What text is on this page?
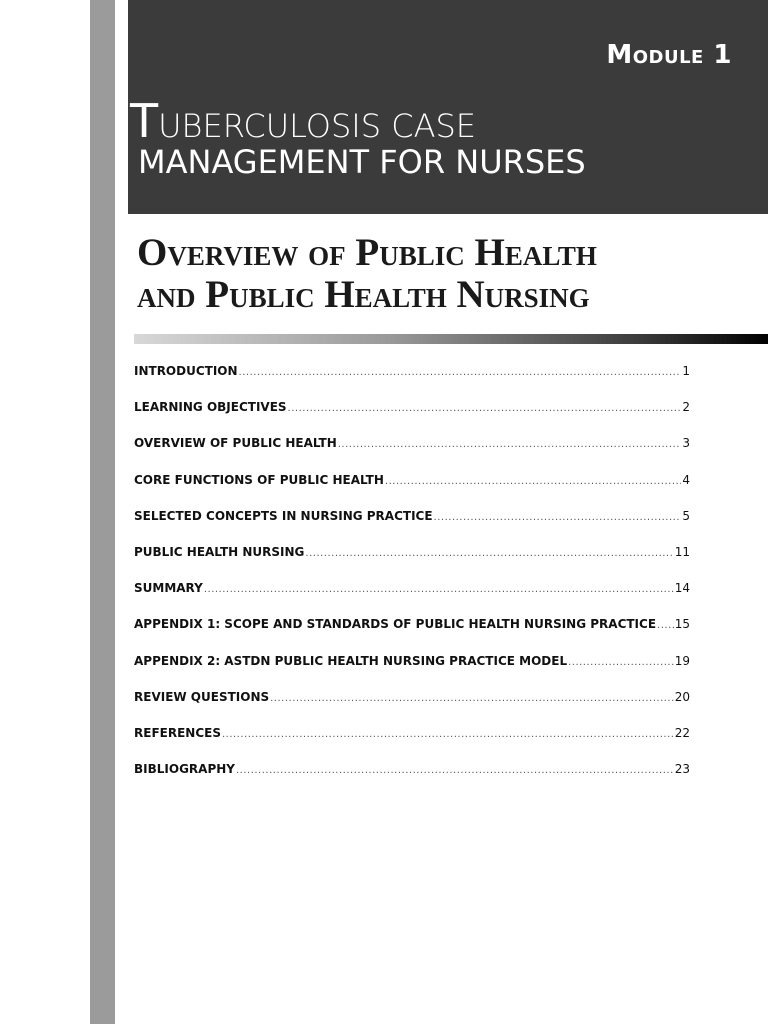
Module 1
TUBERCULOSIS CASE
MANAGEMENT FOR NURSES
Overview of Public Health
and Public Health Nursing
INTRODUCTION .....	1
LEARNING OBJECTIVES .....	2
OVERVIEW OF PUBLIC HEALTH .....	3
CORE FUNCTIONS OF PUBLIC HEALTH .....	4
SELECTED CONCEPTS IN NURSING PRACTICE .....	5
PUBLIC HEALTH NURSING .....	11
SUMMARY .....	14
APPENDIX 1: SCOPE AND STANDARDS OF PUBLIC HEALTH NURSING PRACTICE ..... 15
APPENDIX 2: ASTDN PUBLIC HEALTH NURSING PRACTICE MODEL .....	19
REVIEW QUESTIONS .....	20
REFERENCES .....	22
BIBLIOGRAPHY .....	23
